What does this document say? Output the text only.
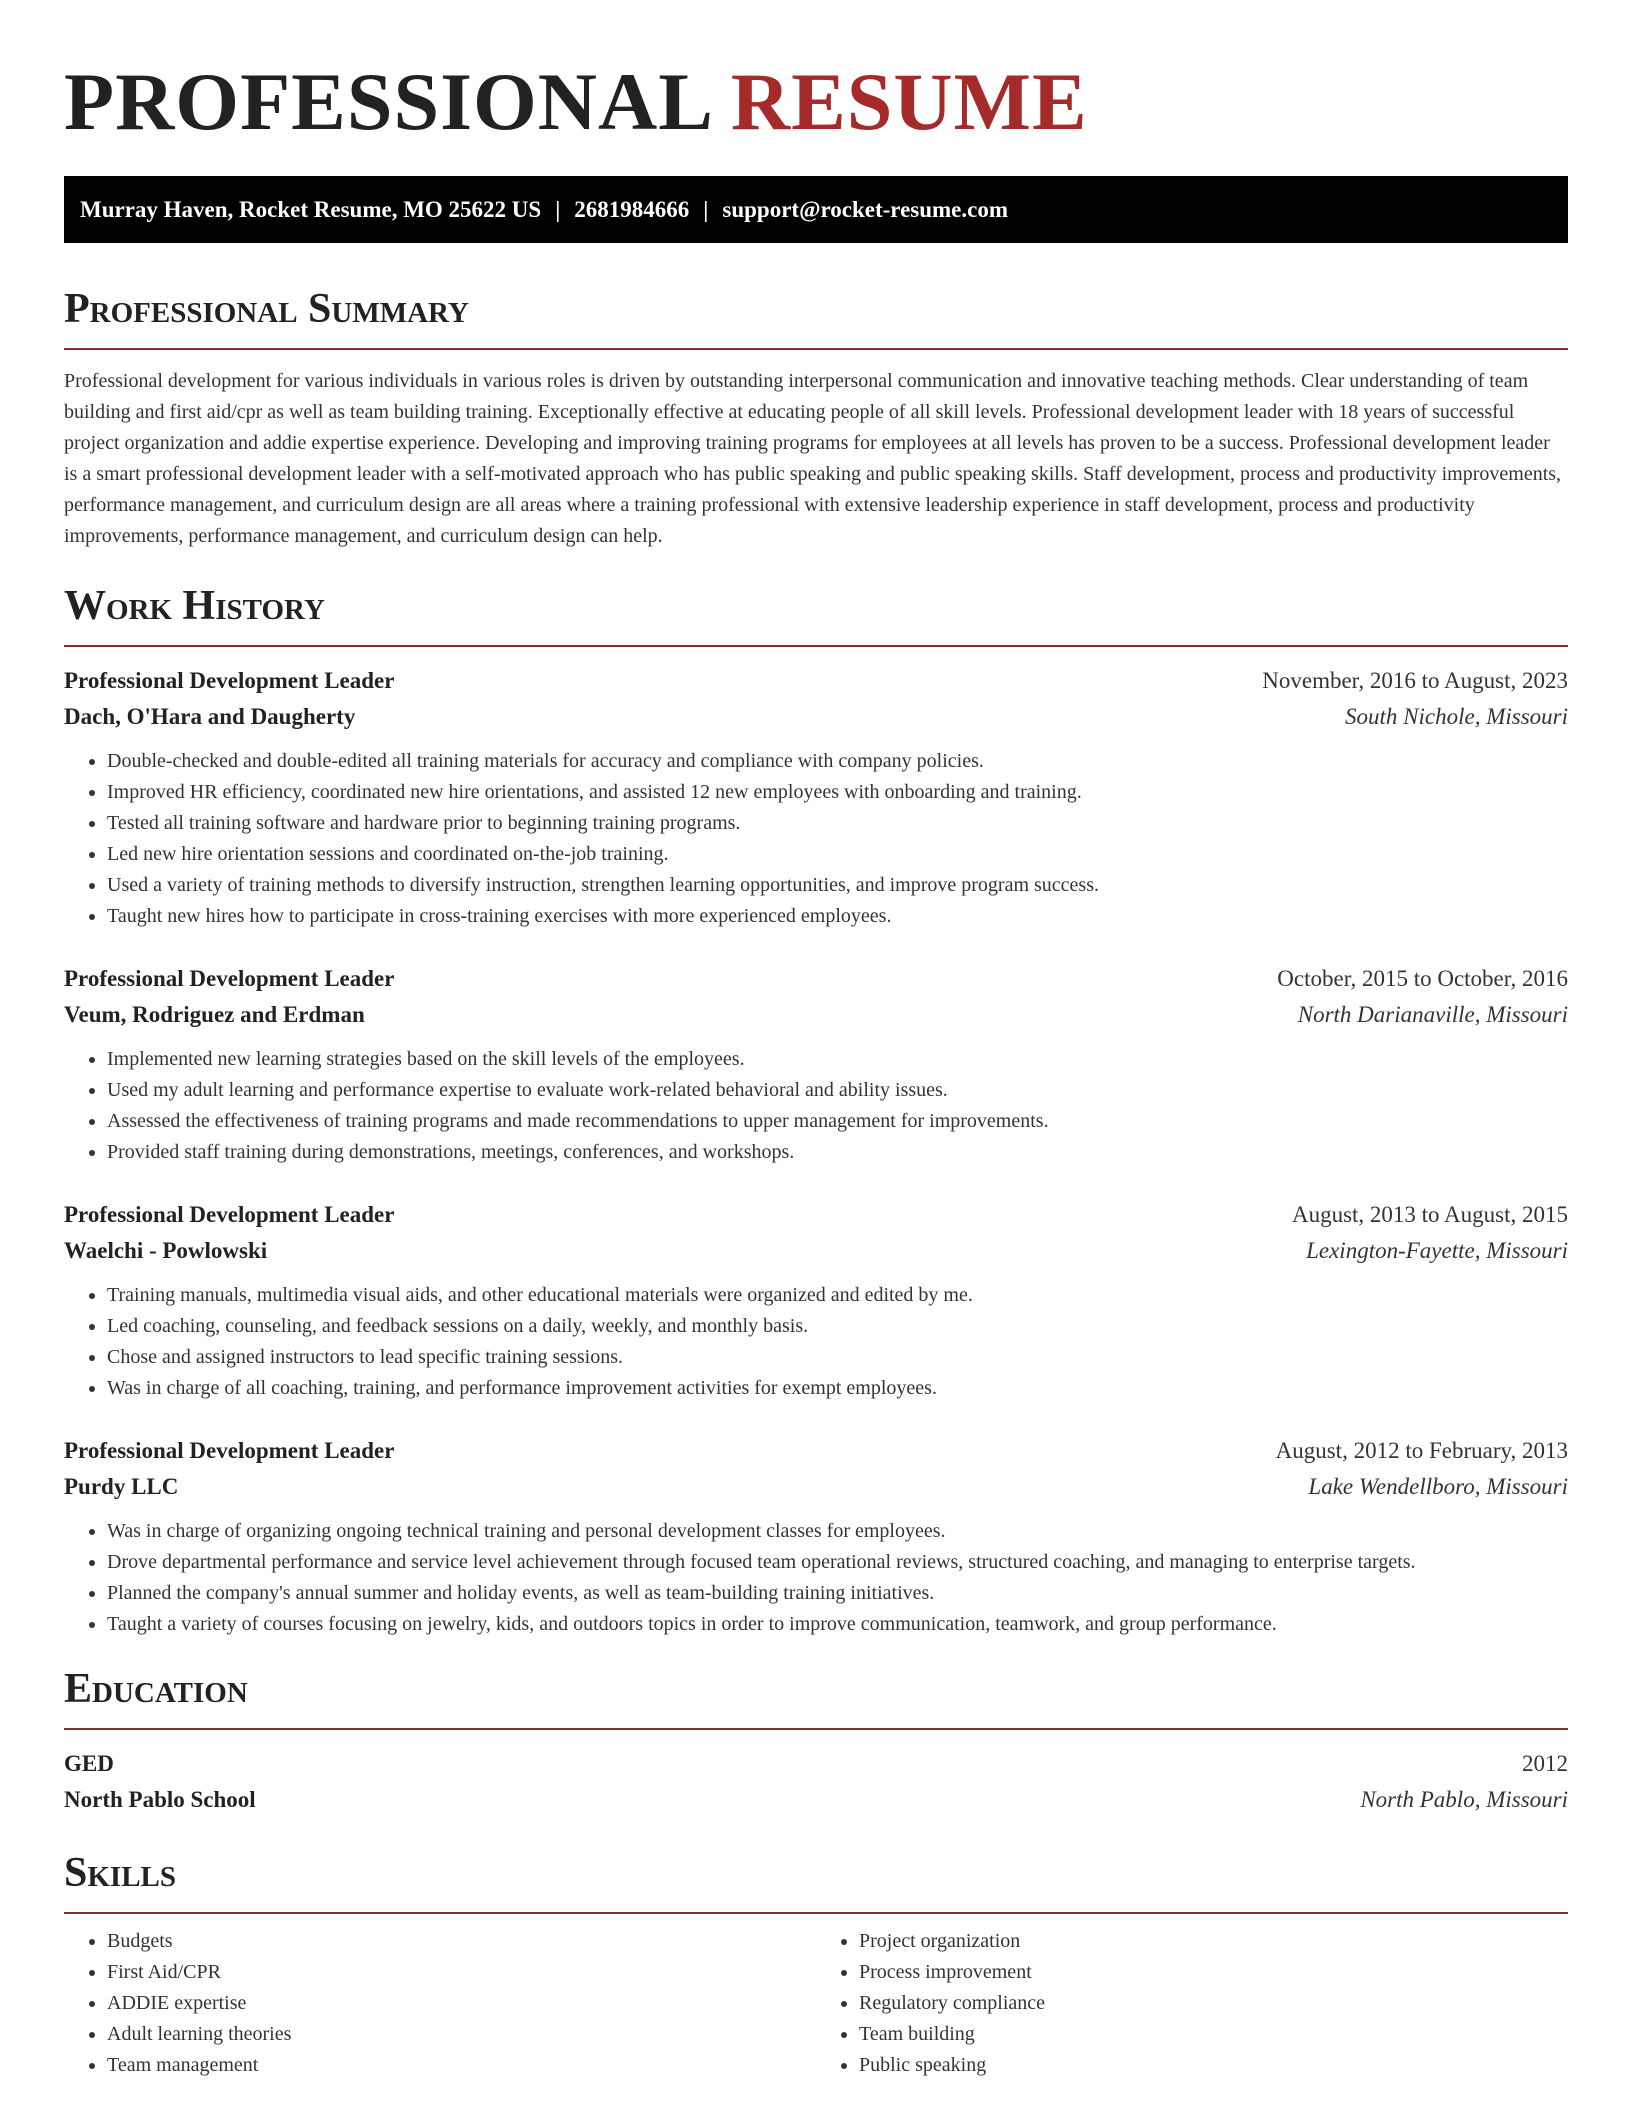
PROFESSIONAL RESUME
Murray Haven, Rocket Resume, MO 25622 US | 2681984666 | support@rocket-resume.com
Professional Summary
Professional development for various individuals in various roles is driven by outstanding interpersonal communication and innovative teaching methods. Clear understanding of team building and first aid/cpr as well as team building training. Exceptionally effective at educating people of all skill levels. Professional development leader with 18 years of successful project organization and addie expertise experience. Developing and improving training programs for employees at all levels has proven to be a success. Professional development leader is a smart professional development leader with a self-motivated approach who has public speaking and public speaking skills. Staff development, process and productivity improvements, performance management, and curriculum design are all areas where a training professional with extensive leadership experience in staff development, process and productivity improvements, performance management, and curriculum design can help.
Work History
Professional Development Leader	November, 2016 to August, 2023
Dach, O'Hara and Daugherty	South Nichole, Missouri
• Double-checked and double-edited all training materials for accuracy and compliance with company policies.
• Improved HR efficiency, coordinated new hire orientations, and assisted 12 new employees with onboarding and training.
• Tested all training software and hardware prior to beginning training programs.
• Led new hire orientation sessions and coordinated on-the-job training.
• Used a variety of training methods to diversify instruction, strengthen learning opportunities, and improve program success.
• Taught new hires how to participate in cross-training exercises with more experienced employees.
Professional Development Leader	October, 2015 to October, 2016
Veum, Rodriguez and Erdman	North Darianaville, Missouri
• Implemented new learning strategies based on the skill levels of the employees.
• Used my adult learning and performance expertise to evaluate work-related behavioral and ability issues.
• Assessed the effectiveness of training programs and made recommendations to upper management for improvements.
• Provided staff training during demonstrations, meetings, conferences, and workshops.
Professional Development Leader	August, 2013 to August, 2015
Waelchi - Powlowski	Lexington-Fayette, Missouri
• Training manuals, multimedia visual aids, and other educational materials were organized and edited by me.
• Led coaching, counseling, and feedback sessions on a daily, weekly, and monthly basis.
• Chose and assigned instructors to lead specific training sessions.
• Was in charge of all coaching, training, and performance improvement activities for exempt employees.
Professional Development Leader	August, 2012 to February, 2013
Purdy LLC	Lake Wendellboro, Missouri
• Was in charge of organizing ongoing technical training and personal development classes for employees.
• Drove departmental performance and service level achievement through focused team operational reviews, structured coaching, and managing to enterprise targets.
• Planned the company's annual summer and holiday events, as well as team-building training initiatives.
• Taught a variety of courses focusing on jewelry, kids, and outdoors topics in order to improve communication, teamwork, and group performance.
Education
GED	2012
North Pablo School	North Pablo, Missouri
Skills
• Budgets
• First Aid/CPR
• ADDIE expertise
• Adult learning theories
• Team management
• Project organization
• Process improvement
• Regulatory compliance
• Team building
• Public speaking
